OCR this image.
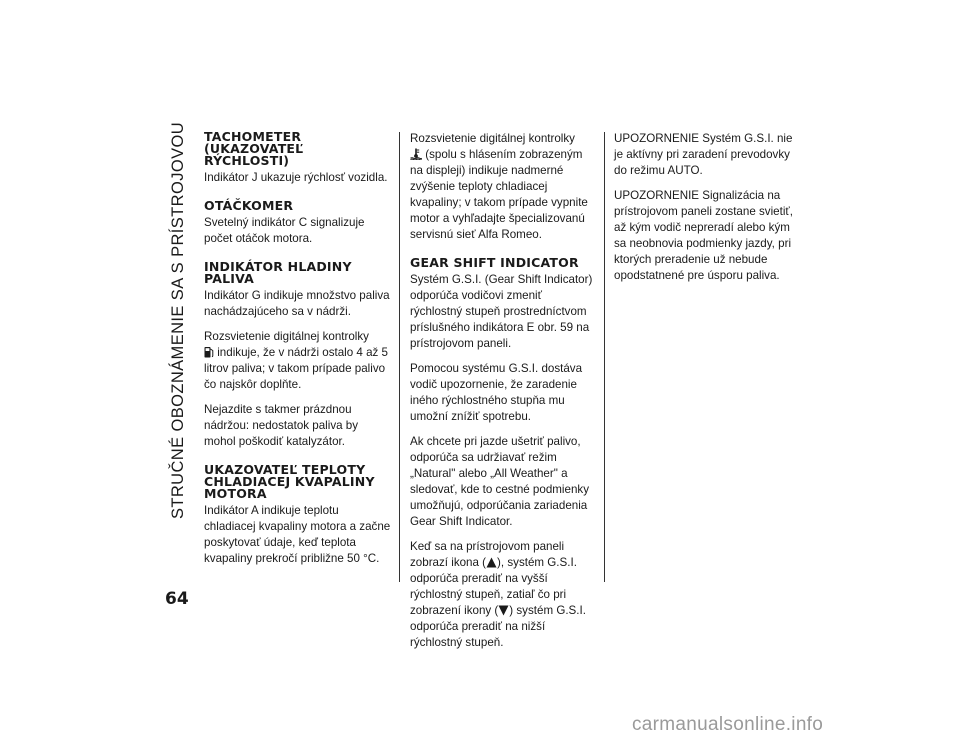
STRUČNÉ OBOZNÁMENIE SA S PRÍSTROJOVOU
64
TACHOMETER (UKAZOVATEĽ RÝCHLOSTI)

Indikátor J ukazuje rýchlosť vozidla.

OTÁČKOMER

Svetelný indikátor C signalizuje počet otáčok motora.

INDIKÁTOR HLADINY PALIVA

Indikátor G indikuje množstvo paliva nachádzajúceho sa v nádrži.

Rozsvietenie digitálnej kontrolky
indikuje, že v nádrži ostalo 4 až 5 litrov paliva; v takom prípade palivo čo najskôr doplňte.

Nejazdite s takmer prázdnou nádržou: nedostatok paliva by mohol poškodiť katalyzátor.

UKAZOVATEĽ TEPLOTY CHLADIACEJ KVAPALINY MOTORA

Indikátor A indikuje teplotu chladiacej kvapaliny motora a začne poskytovať údaje, keď teplota kvapaliny prekročí približne 50 °C.

Rozsvietenie digitálnej kontrolky
(spolu s hlásením zobrazeným na displeji) indikuje nadmerné zvýšenie teploty chladiacej kvapaliny; v takom prípade vypnite motor a vyhľadajte špecializovanú servisnú sieť Alfa Romeo.

GEAR SHIFT INDICATOR

Systém G.S.I. (Gear Shift Indicator) odporúča vodičovi zmeniť rýchlostný stupeň prostredníctvom príslušného indikátora E obr. 59 na prístrojovom paneli.

Pomocou systému G.S.I. dostáva vodič upozornenie, že zaradenie iného rýchlostného stupňa mu umožní znížiť spotrebu.

Ak chcete pri jazde ušetriť palivo, odporúča sa udržiavať režim „Natural" alebo „All Weather" a sledovať, kde to cestné podmienky umožňujú, odporúčania zariadenia Gear Shift Indicator.

Keď sa na prístrojovom paneli zobrazí ikona ( ), systém G.S.I. odporúča preradiť na vyšší rýchlostný stupeň, zatiaľ čo pri zobrazení ikony ( ) systém G.S.I. odporúča preradiť na nižší rýchlostný stupeň.

UPOZORNENIE Systém G.S.I. nie je aktívny pri zaradení prevodovky do režimu AUTO.

UPOZORNENIE Signalizácia na prístrojovom paneli zostane svietiť, až kým vodič nepreradí alebo kým sa neobnovia podmienky jazdy, pri ktorých preradenie už nebude opodstatnené pre úsporu paliva.

carmanualsonline.info
